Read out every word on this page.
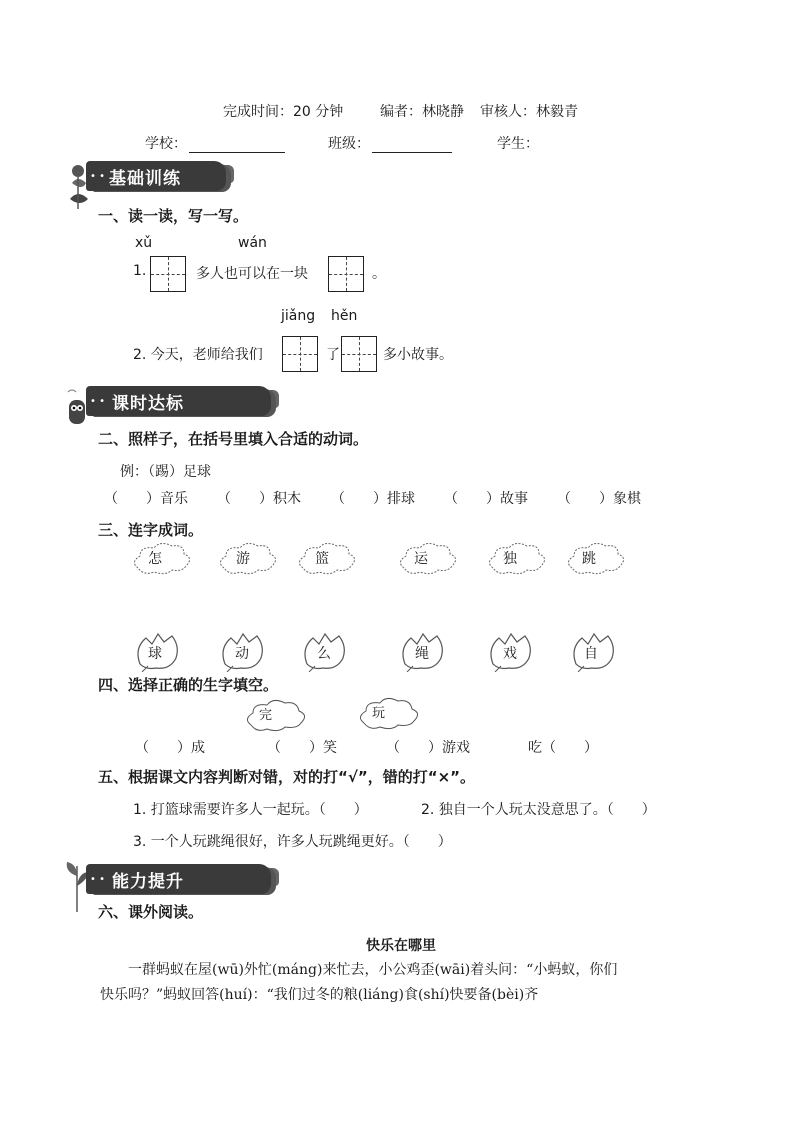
完成时间：20 分钟	编者：林晓静 审核人：林毅青
学校：	班级：	学生：
• • 基础训练
一、读一读，写一写。
xǔ	wán
1.	多人也可以在一块	。
jiǎng hěn
2. 今天，老师给我们	了	多小故事。
• • 课时达标
二、照样子，在括号里填入合适的动词。
例：（踢）足球
（　　）音乐 （　　）积木 （　　）排球 （　　）故事 （　　）象棋
三、连字成词。
怎	游	篮	运	独	跳
球	动	么	绳	戏	自
四、选择正确的生字填空。
完	玩
（　　）成	（　　）笑	（　　）游戏	吃（　　）
五、根据课文内容判断对错，对的打“√”，错的打“×”。
1. 打篮球需要许多人一起玩。（　　）	2. 独自一个人玩太没意思了。（　　）
3. 一个人玩跳绳很好，许多人玩跳绳更好。（　　）
• • 能力提升
六、课外阅读。
快乐在哪里
一群蚂蚁在屋(wū)外忙(máng)来忙去，小公鸡歪(wāi)着头问：“小蚂蚁，你们
快乐吗？”蚂蚁回答(huí)：“我们过冬的粮(liáng)食(shí)快要备(bèi)齐
